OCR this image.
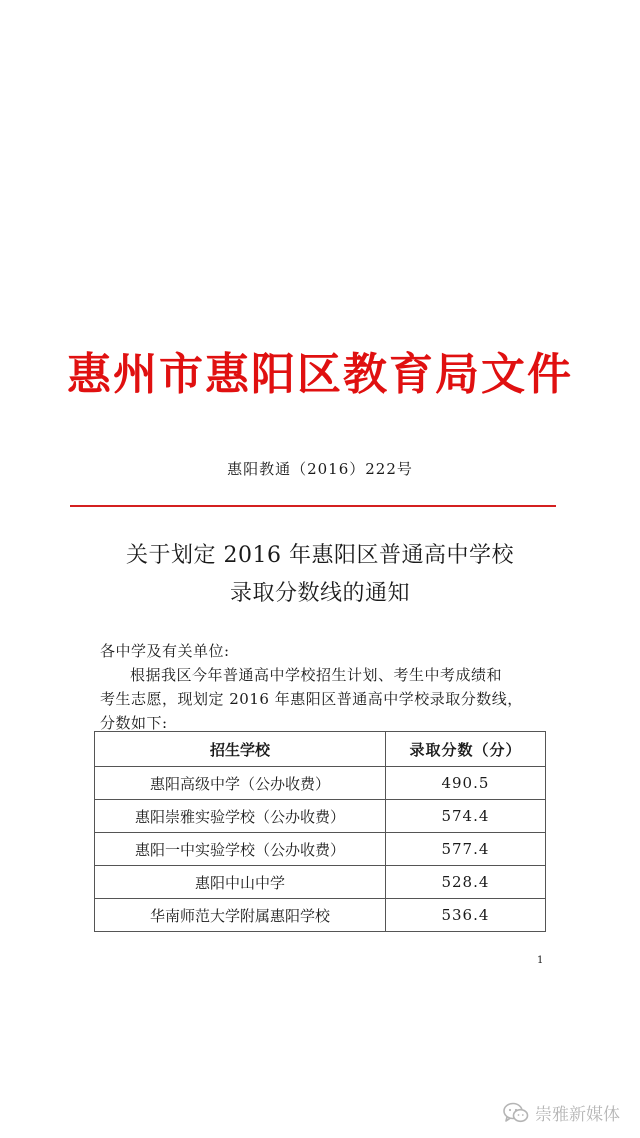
惠州市惠阳区教育局文件
惠阳教通（2016）222号
关于划定 2016 年惠阳区普通高中学校
录取分数线的通知
各中学及有关单位:
根据我区今年普通高中学校招生计划、考生中考成绩和
考生志愿，现划定 2016 年惠阳区普通高中学校录取分数线，
分数如下:
招生学校	录取分数（分）
惠阳高级中学（公办收费）	490.5
惠阳崇雅实验学校（公办收费）	574.4
惠阳一中实验学校（公办收费）	577.4
惠阳中山中学	528.4
华南师范大学附属惠阳学校	536.4
1
崇雅新媒体
